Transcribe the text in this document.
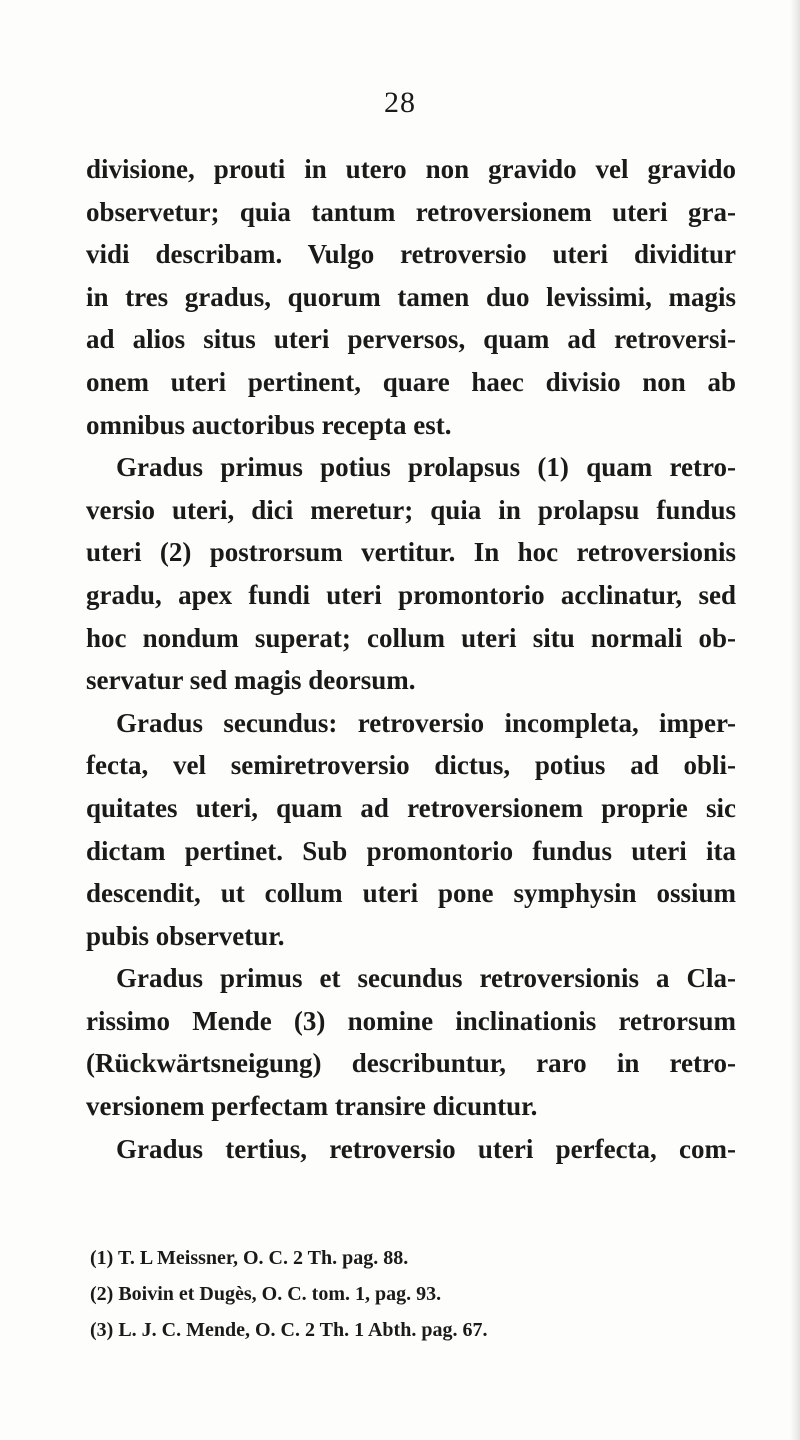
28
divisione, prouti in utero non gravido vel gravido
observetur; quia tantum retroversionem uteri gra-
vidi describam. Vulgo retroversio uteri dividitur
in tres gradus, quorum tamen duo levissimi, magis
ad alios situs uteri perversos, quam ad retroversi-
onem uteri pertinent, quare haec divisio non ab
omnibus auctoribus recepta est.
Gradus primus potius prolapsus (1) quam retro-
versio uteri, dici meretur; quia in prolapsu fundus
uteri (2) postrorsum vertitur. In hoc retroversionis
gradu, apex fundi uteri promontorio acclinatur, sed
hoc nondum superat; collum uteri situ normali ob-
servatur sed magis deorsum.
Gradus secundus: retroversio incompleta, imper-
fecta, vel semiretroversio dictus, potius ad obli-
quitates uteri, quam ad retroversionem proprie sic
dictam pertinet. Sub promontorio fundus uteri ita
descendit, ut collum uteri pone symphysin ossium
pubis observetur.
Gradus primus et secundus retroversionis a Cla-
rissimo Mende (3) nomine inclinationis retrorsum
(Rückwärtsneigung) describuntur, raro in retro-
versionem perfectam transire dicuntur.
Gradus tertius, retroversio uteri perfecta, com-
(1) T. L Meissner, O. C. 2 Th. pag. 88.
(2) Boivin et Dugès, O. C. tom. 1, pag. 93.
(3) L. J. C. Mende, O. C. 2 Th. 1 Abth. pag. 67.
